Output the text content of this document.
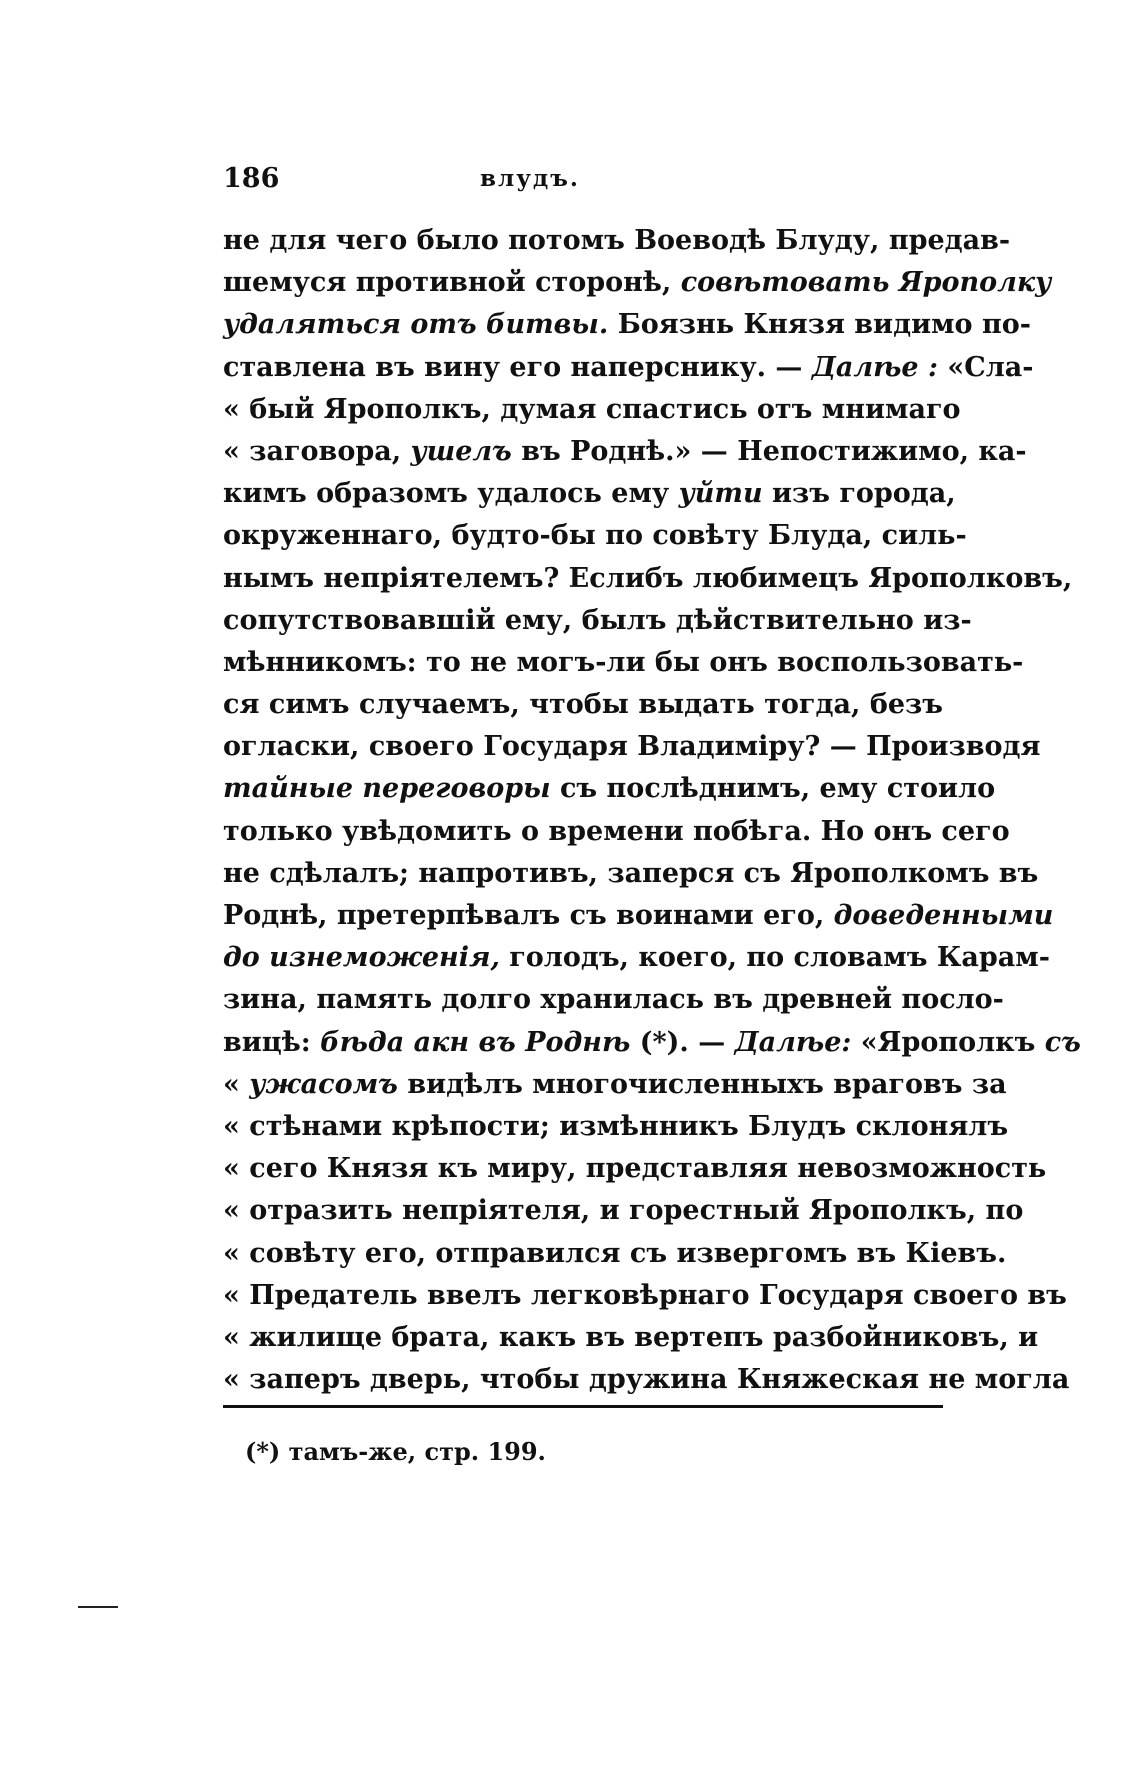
186	влудъ.
не для чего было потомъ Воеводѣ Блуду, предав-
шемуся противной сторонѣ, совѣтовать Ярополку
удаляться отъ битвы. Боязнь Князя видимо по-
ставлена въ вину его наперснику. — Далѣе : «Сла-
« бый Ярополкъ, думая спастись отъ мнимаго
« заговора, ушелъ въ Роднѣ.» — Непостижимо, ка-
кимъ образомъ удалось ему уйти изъ города,
окруженнаго, будто-бы по совѣту Блуда, силь-
нымъ непріятелемъ? Еслибъ любимецъ Ярополковъ,
сопутствовавшій ему, былъ дѣйствительно из-
мѣнникомъ: то не могъ-ли бы онъ воспользовать-
ся симъ случаемъ, чтобы выдать тогда, безъ
огласки, своего Государя Владиміру? — Производя
тайные переговоры съ послѣднимъ, ему стоило
только увѣдомить о времени побѣга. Но онъ сего
не сдѣлалъ; напротивъ, заперся съ Ярополкомъ въ
Роднѣ, претерпѣвалъ съ воинами его, доведенными
до изнеможенія, голодъ, коего, по словамъ Карам-
зина, память долго хранилась въ древней посло-
вицѣ: бѣда акн въ Роднѣ (*). — Далѣе: «Ярополкъ съ
« ужасомъ видѣлъ многочисленныхъ враговъ за
« стѣнами крѣпости; измѣнникъ Блудъ склонялъ
« сего Князя къ миру, представляя невозможность
« отразить непріятеля, и горестный Ярополкъ, по
« совѣту его, отправился съ извергомъ въ Кіевъ.
« Предатель ввелъ легковѣрнаго Государя своего въ
« жилище брата, какъ въ вертепъ разбойниковъ, и
« заперъ дверь, чтобы дружина Княжеская не могла
(*) тамъ-же, стр. 199.
